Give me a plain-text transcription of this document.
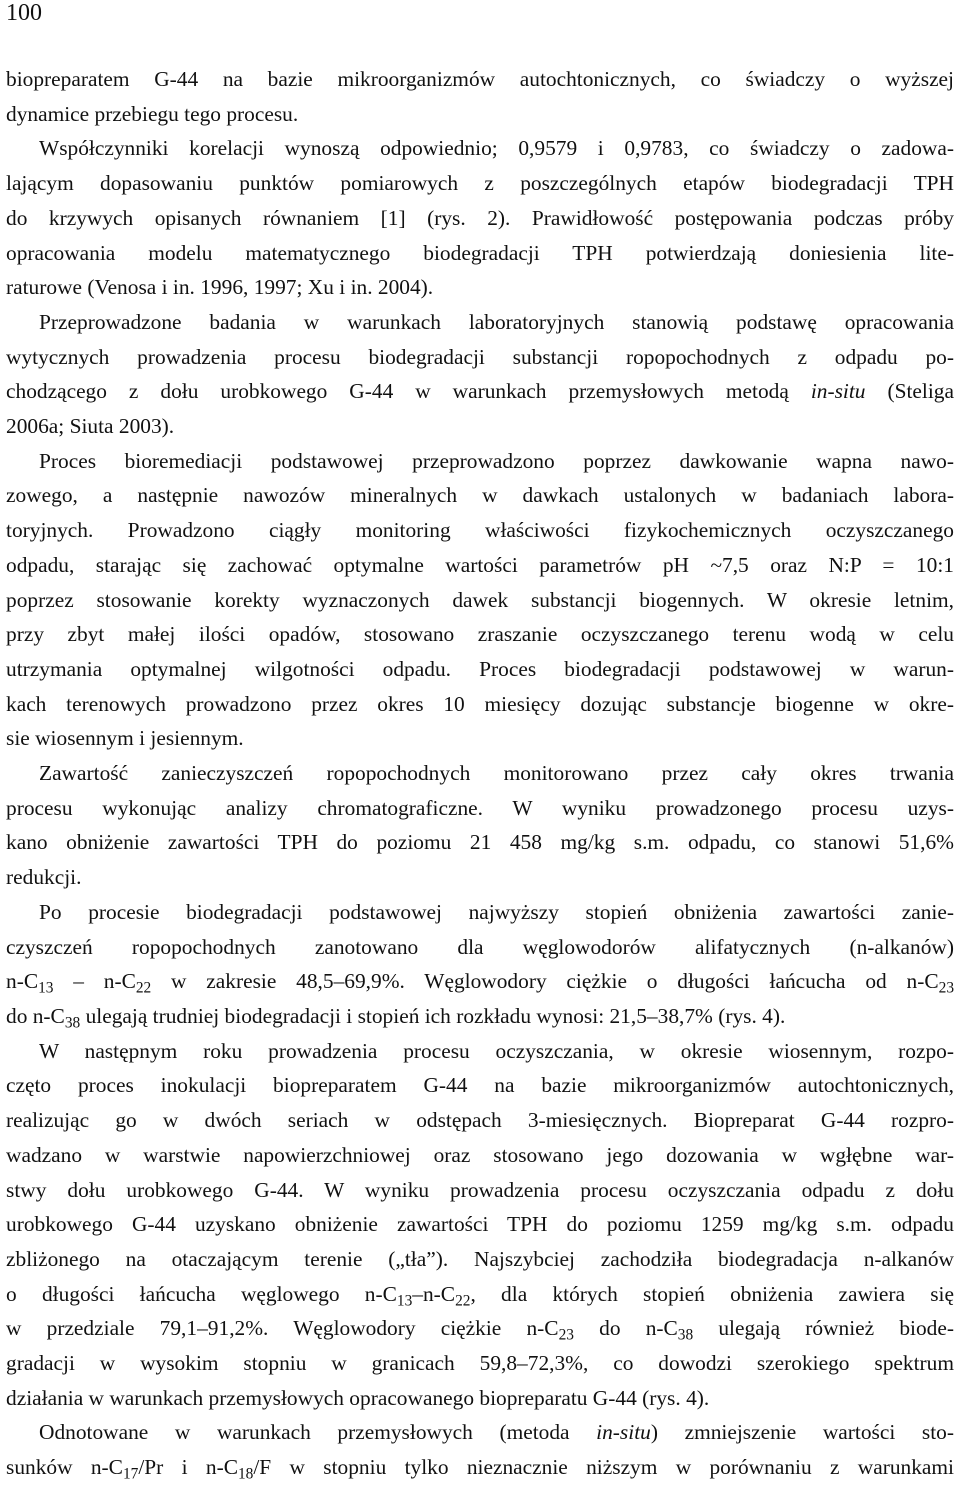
100
biopreparatem G-44 na bazie mikroorganizmów autochtonicznych, co świadczy o wyższej
dynamice przebiegu tego procesu.
Współczynniki korelacji wynoszą odpowiednio; 0,9579 i 0,9783, co świadczy o zadowa-
lającym dopasowaniu punktów pomiarowych z poszczególnych etapów biodegradacji TPH
do krzywych opisanych równaniem [1] (rys. 2). Prawidłowość postępowania podczas próby
opracowania modelu matematycznego biodegradacji TPH potwierdzają doniesienia lite-
raturowe (Venosa i in. 1996, 1997; Xu i in. 2004).
Przeprowadzone badania w warunkach laboratoryjnych stanowią podstawę opracowania
wytycznych prowadzenia procesu biodegradacji substancji ropopochodnych z odpadu po-
chodzącego z dołu urobkowego G-44 w warunkach przemysłowych metodą in-situ (Steliga
2006a; Siuta 2003).
Proces bioremediacji podstawowej przeprowadzono poprzez dawkowanie wapna nawo-
zowego, a następnie nawozów mineralnych w dawkach ustalonych w badaniach labora-
toryjnych. Prowadzono ciągły monitoring właściwości fizykochemicznych oczyszczanego
odpadu, starając się zachować optymalne wartości parametrów pH ~7,5 oraz N:P = 10:1
poprzez stosowanie korekty wyznaczonych dawek substancji biogennych. W okresie letnim,
przy zbyt małej ilości opadów, stosowano zraszanie oczyszczanego terenu wodą w celu
utrzymania optymalnej wilgotności odpadu. Proces biodegradacji podstawowej w warun-
kach terenowych prowadzono przez okres 10 miesięcy dozując substancje biogenne w okre-
sie wiosennym i jesiennym.
Zawartość zanieczyszczeń ropopochodnych monitorowano przez cały okres trwania
procesu wykonując analizy chromatograficzne. W wyniku prowadzonego procesu uzys-
kano obniżenie zawartości TPH do poziomu 21 458 mg/kg s.m. odpadu, co stanowi 51,6%
redukcji.
Po procesie biodegradacji podstawowej najwyższy stopień obniżenia zawartości zanie-
czyszczeń ropopochodnych zanotowano dla węglowodorów alifatycznych (n-alkanów)
$n-C_{13} - n-C_{22}$ w zakresie 48,5–69,9%. Węglowodory ciężkie o długości łańcucha od $n-C_{23}$
do $n-C_{38}$ ulegają trudniej biodegradacji i stopień ich rozkładu wynosi: 21,5–38,7% (rys. 4).
W następnym roku prowadzenia procesu oczyszczania, w okresie wiosennym, rozpo-
częto proces inokulacji biopreparatem G-44 na bazie mikroorganizmów autochtonicznych,
realizując go w dwóch seriach w odstępach 3-miesięcznych. Biopreparat G-44 rozpro-
wadzano w warstwie napowierzchniowej oraz stosowano jego dozowania w wgłębne war-
stwy dołu urobkowego G-44. W wyniku prowadzenia procesu oczyszczania odpadu z dołu
urobkowego G-44 uzyskano obniżenie zawartości TPH do poziomu 1259 mg/kg s.m. odpadu
zbliżonego na otaczającym terenie („tła”). Najszybciej zachodziła biodegradacja n-alkanów
o długości łańcucha węglowego $n-C_{13}-n-C_{22}$, dla których stopień obniżenia zawiera się
w przedziale 79,1–91,2%. Węglowodory ciężkie $n-C_{23}$ do $n-C_{38}$ ulegają również biode-
gradacji w wysokim stopniu w granicach 59,8–72,3%, co dowodzi szerokiego spektrum
działania w warunkach przemysłowych opracowanego biopreparatu G-44 (rys. 4).
Odnotowane w warunkach przemysłowych (metoda in-situ) zmniejszenie wartości sto-
sunków $n-C_{17}/Pr$ i $n-C_{18}/F$ w stopniu tylko nieznacznie niższym w porównaniu z warunkami
